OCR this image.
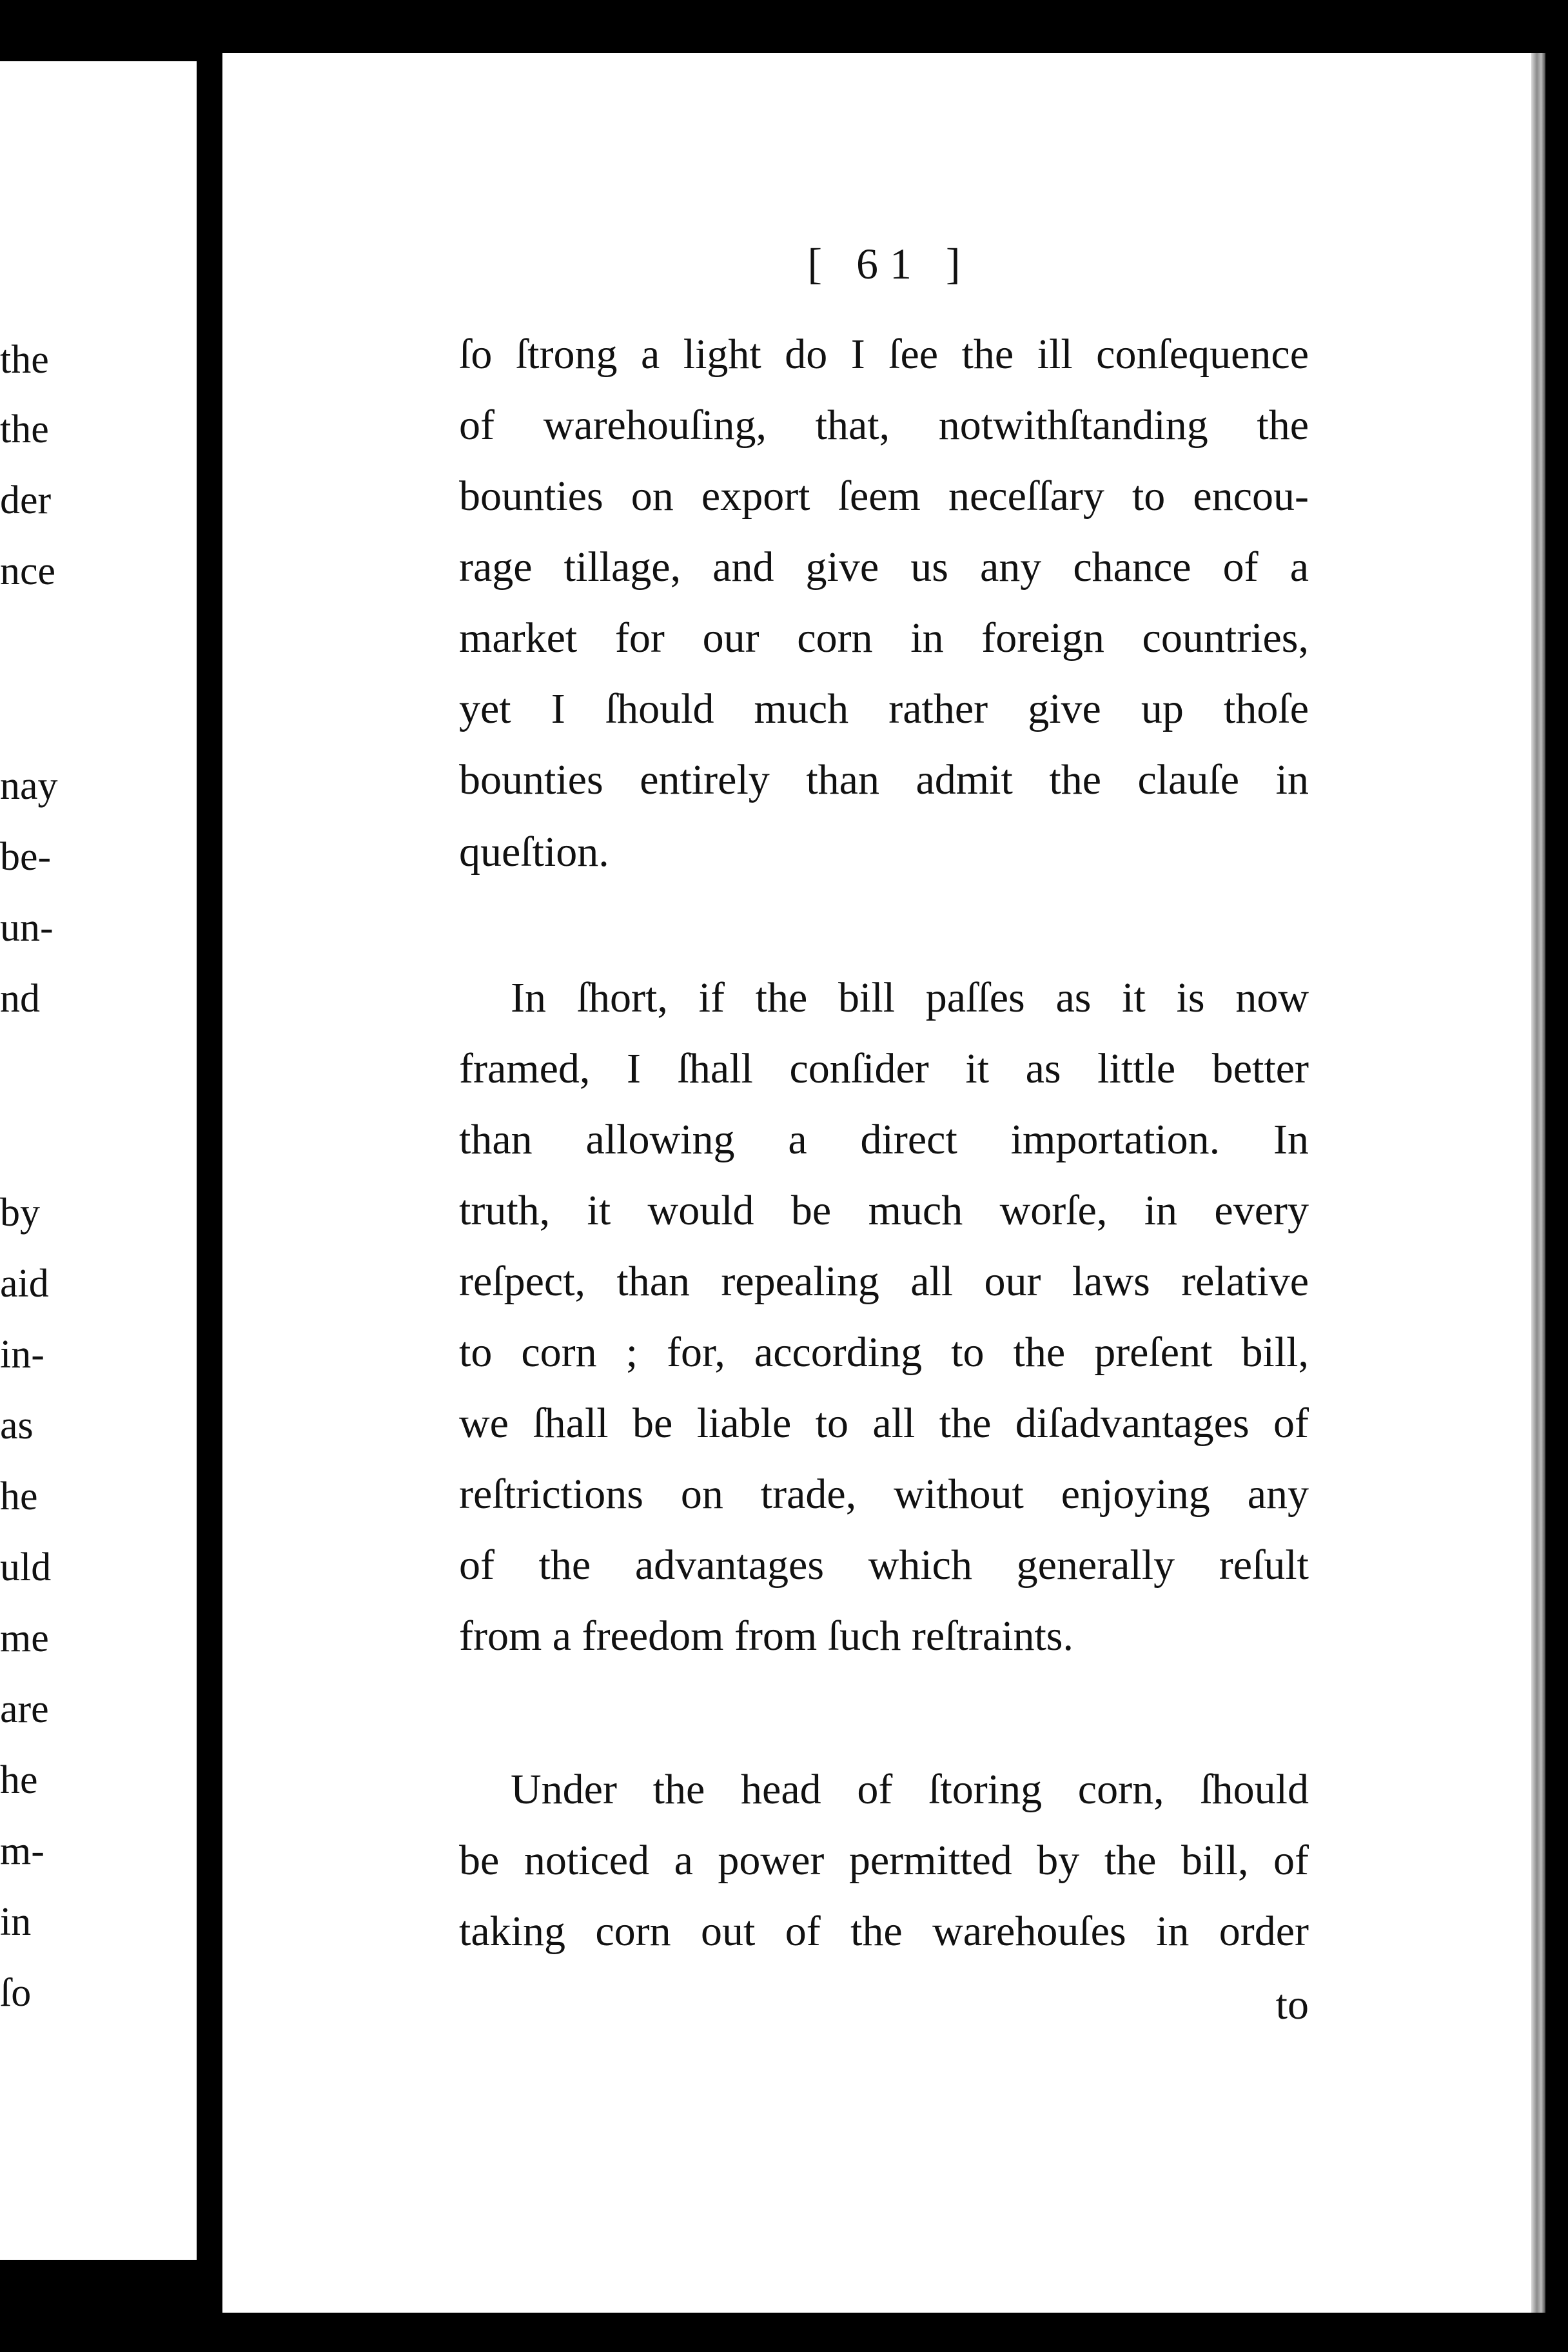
the
the
der
nce
nay
be-
un-
nd
by
aid
in-
as
he
uld
me
are
he
m-
in
ſo
[ 61 ]
ſo ſtrong a light do I ſee the ill conſequence
of warehouſing, that, notwithſtanding the
bounties on export ſeem neceſſary to encou-
rage tillage, and give us any chance of a
market for our corn in foreign countries,
yet I ſhould much rather give up thoſe
bounties entirely than admit the clauſe in
queſtion.
In ſhort, if the bill paſſes as it is now
framed, I ſhall conſider it as little better
than allowing a direct importation. In
truth, it would be much worſe, in every
reſpect, than repealing all our laws relative
to corn ; for, according to the preſent bill,
we ſhall be liable to all the diſadvantages of
reſtrictions on trade, without enjoying any
of the advantages which generally reſult
from a freedom from ſuch reſtraints.
Under the head of ſtoring corn, ſhould
be noticed a power permitted by the bill, of
taking corn out of the warehouſes in order
to
